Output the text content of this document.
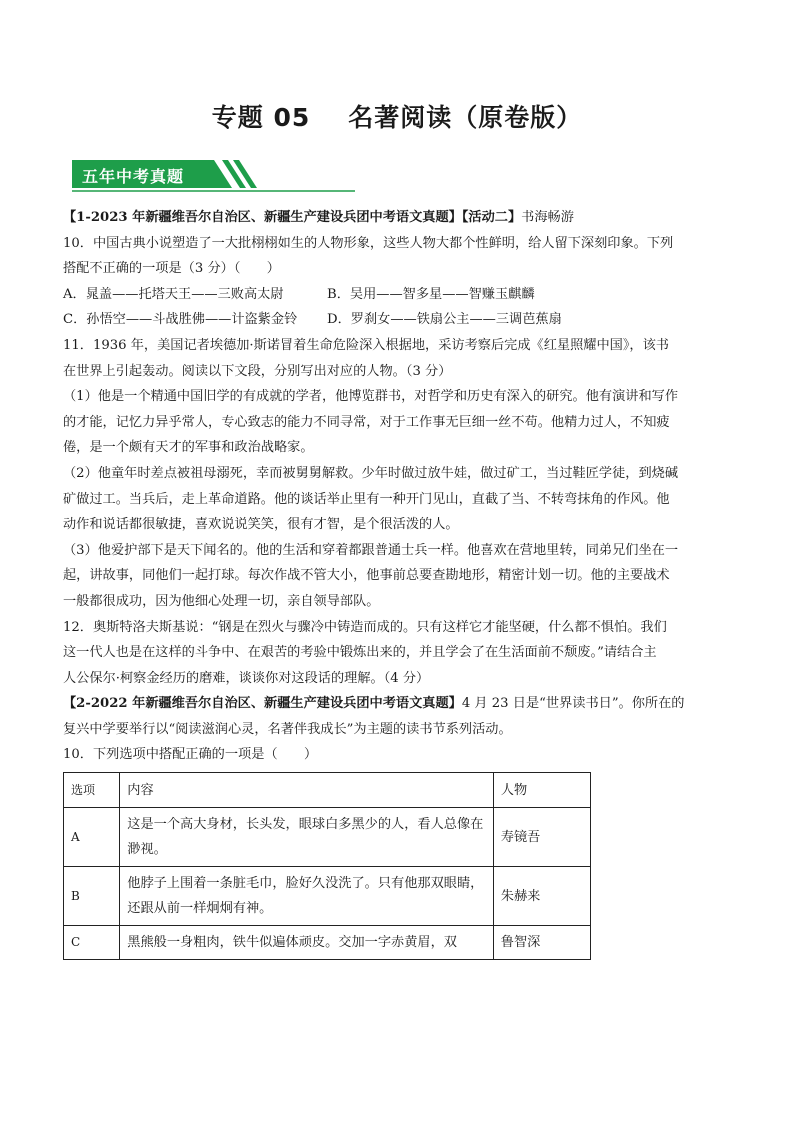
专题 05 名著阅读（原卷版）
五年中考真题

【1-2023 年新疆维吾尔自治区、新疆生产建设兵团中考语文真题】【活动二】书海畅游

10．中国古典小说塑造了一大批栩栩如生的人物形象，这些人物大都个性鲜明，给人留下深刻印象。下列

搭配不正确的一项是（3 分）（　　）

A．晁盖——托塔天王——三败高太尉	B．吴用——智多星——智赚玉麒麟
C．孙悟空——斗战胜佛——计盗紫金铃	D．罗刹女——铁扇公主——三调芭蕉扇

11．1936 年，美国记者埃德加·斯诺冒着生命危险深入根据地，采访考察后完成《红星照耀中国》，该书

在世界上引起轰动。阅读以下文段，分别写出对应的人物。（3 分）

（1）他是一个精通中国旧学的有成就的学者，他博览群书，对哲学和历史有深入的研究。他有演讲和写作

的才能，记忆力异乎常人，专心致志的能力不同寻常，对于工作事无巨细一丝不苟。他精力过人，不知疲

倦，是一个颇有天才的军事和政治战略家。

（2）他童年时差点被祖母溺死，幸而被舅舅解救。少年时做过放牛娃，做过矿工，当过鞋匠学徒，到烧碱

矿做过工。当兵后，走上革命道路。他的谈话举止里有一种开门见山，直截了当、不转弯抹角的作风。他

动作和说话都很敏捷，喜欢说说笑笑，很有才智，是个很活泼的人。

（3）他爱护部下是天下闻名的。他的生活和穿着都跟普通士兵一样。他喜欢在营地里转，同弟兄们坐在一

起，讲故事，同他们一起打球。每次作战不管大小，他事前总要查勘地形，精密计划一切。他的主要战术

一般都很成功，因为他细心处理一切，亲自领导部队。

12．奥斯特洛夫斯基说：“钢是在烈火与骤冷中铸造而成的。只有这样它才能坚硬，什么都不惧怕。我们

这一代人也是在这样的斗争中、在艰苦的考验中锻炼出来的，并且学会了在生活面前不颓废。”请结合主

人公保尔·柯察金经历的磨难，谈谈你对这段话的理解。（4 分）

【2-2022 年新疆维吾尔自治区、新疆生产建设兵团中考语文真题】4 月 23 日是“世界读书日”。你所在的

复兴中学要举行以“阅读滋润心灵，名著伴我成长”为主题的读书节系列活动。

10．下列选项中搭配正确的一项是（　　）

选项	内容	人物
A	这是一个高大身材，长头发，眼球白多黑少的人，看人总像在渺视。	寿镜吾
B	他脖子上围着一条脏毛巾，脸好久没洗了。只有他那双眼睛，还跟从前一样炯炯有神。	朱赫来
C	黑熊般一身粗肉，铁牛似遍体顽皮。交加一字赤黄眉，双	鲁智深
